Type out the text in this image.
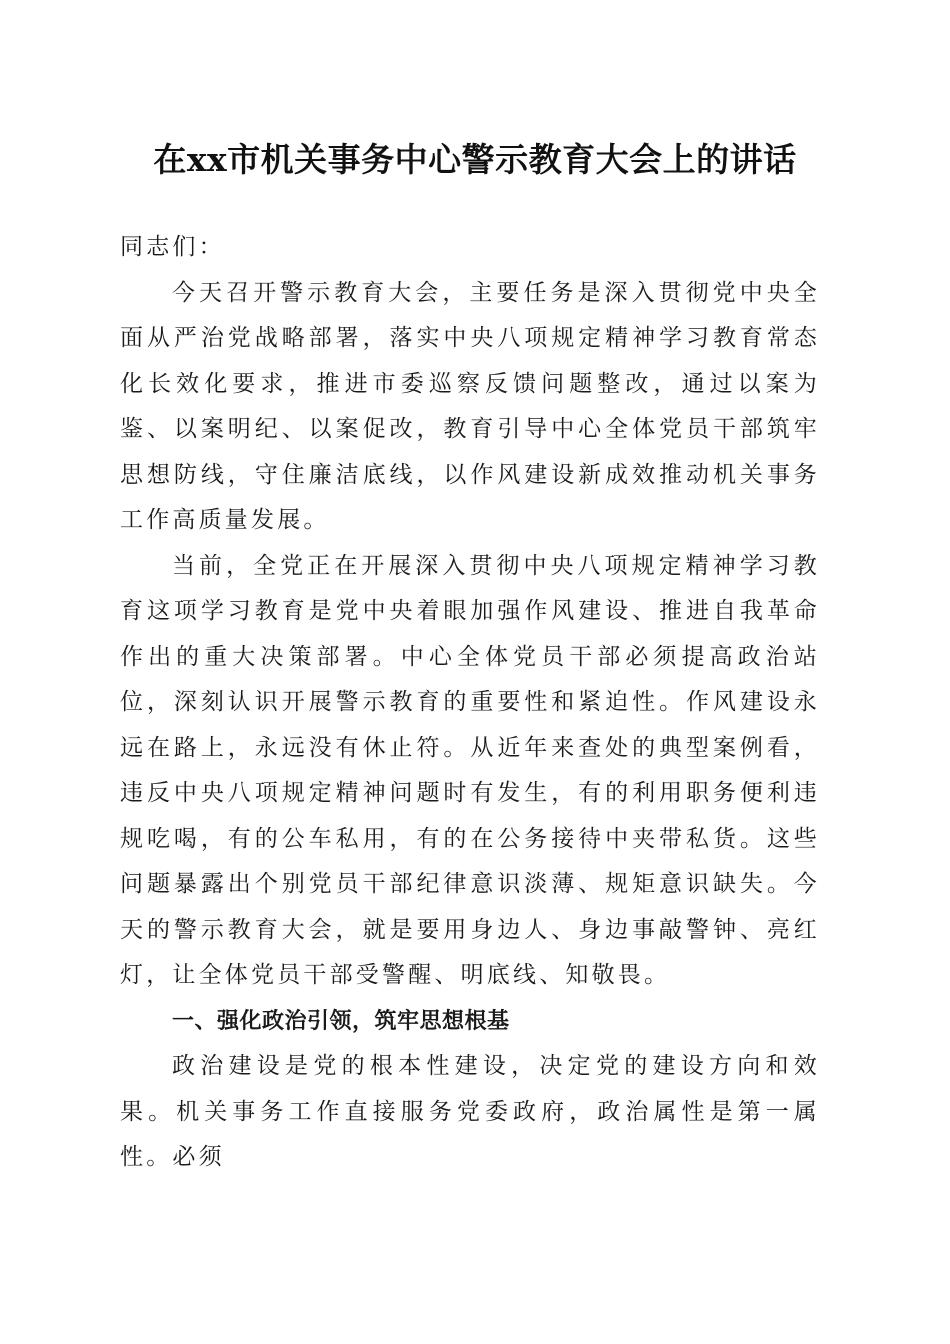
在xx市机关事务中心警示教育大会上的讲话

同志们：

今天召开警示教育大会，主要任务是深入贯彻党中央全面从严治党战略部署，落实中央八项规定精神学习教育常态化长效化要求，推进市委巡察反馈问题整改，通过以案为鉴、以案明纪、以案促改，教育引导中心全体党员干部筑牢思想防线，守住廉洁底线，以作风建设新成效推动机关事务工作高质量发展。

当前，全党正在开展深入贯彻中央八项规定精神学习教育这项学习教育是党中央着眼加强作风建设、推进自我革命作出的重大决策部署。中心全体党员干部必须提高政治站位，深刻认识开展警示教育的重要性和紧迫性。作风建设永远在路上，永远没有休止符。从近年来查处的典型案例看，违反中央八项规定精神问题时有发生，有的利用职务便利违规吃喝，有的公车私用，有的在公务接待中夹带私货。这些问题暴露出个别党员干部纪律意识淡薄、规矩意识缺失。今天的警示教育大会，就是要用身边人、身边事敲警钟、亮红灯，让全体党员干部受警醒、明底线、知敬畏。

一、强化政治引领，筑牢思想根基

政治建设是党的根本性建设，决定党的建设方向和效果。机关事务工作直接服务党委政府，政治属性是第一属性。必须
